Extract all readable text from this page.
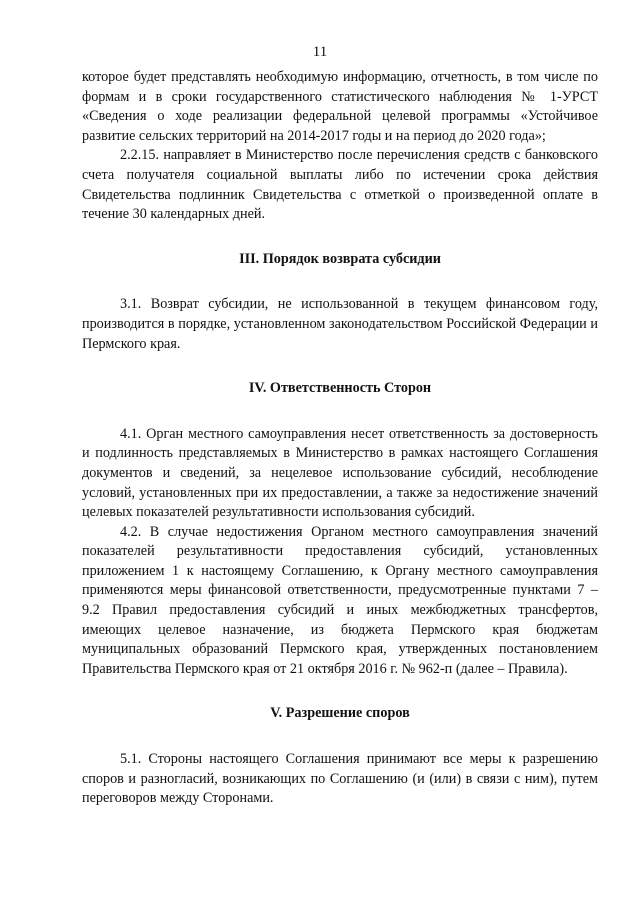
11

которое будет представлять необходимую информацию, отчетность, в том числе по формам и в сроки государственного статистического наблюдения № 1-УРСТ «Сведения о ходе реализации федеральной целевой программы «Устойчивое развитие сельских территорий на 2014-2017 годы и на период до 2020 года»;

2.2.15. направляет в Министерство после перечисления средств с банковского счета получателя социальной выплаты либо по истечении срока действия Свидетельства подлинник Свидетельства с отметкой о произведенной оплате в течение 30 календарных дней.

III. Порядок возврата субсидии

3.1. Возврат субсидии, не использованной в текущем финансовом году, производится в порядке, установленном законодательством Российской Федерации и Пермского края.

IV. Ответственность Сторон

4.1. Орган местного самоуправления несет ответственность за достоверность и подлинность представляемых в Министерство в рамках настоящего Соглашения документов и сведений, за нецелевое использование субсидий, несоблюдение условий, установленных при их предоставлении, а также за недостижение значений целевых показателей результативности использования субсидий.

4.2. В случае недостижения Органом местного самоуправления значений показателей результативности предоставления субсидий, установленных приложением 1 к настоящему Соглашению, к Органу местного самоуправления применяются меры финансовой ответственности, предусмотренные пунктами 7 – 9.2 Правил предоставления субсидий и иных межбюджетных трансфертов, имеющих целевое назначение, из бюджета Пермского края бюджетам муниципальных образований Пермского края, утвержденных постановлением Правительства Пермского края от 21 октября 2016 г. № 962-п (далее – Правила).

V. Разрешение споров

5.1. Стороны настоящего Соглашения принимают все меры к разрешению споров и разногласий, возникающих по Соглашению (и (или) в связи с ним), путем переговоров между Сторонами.
